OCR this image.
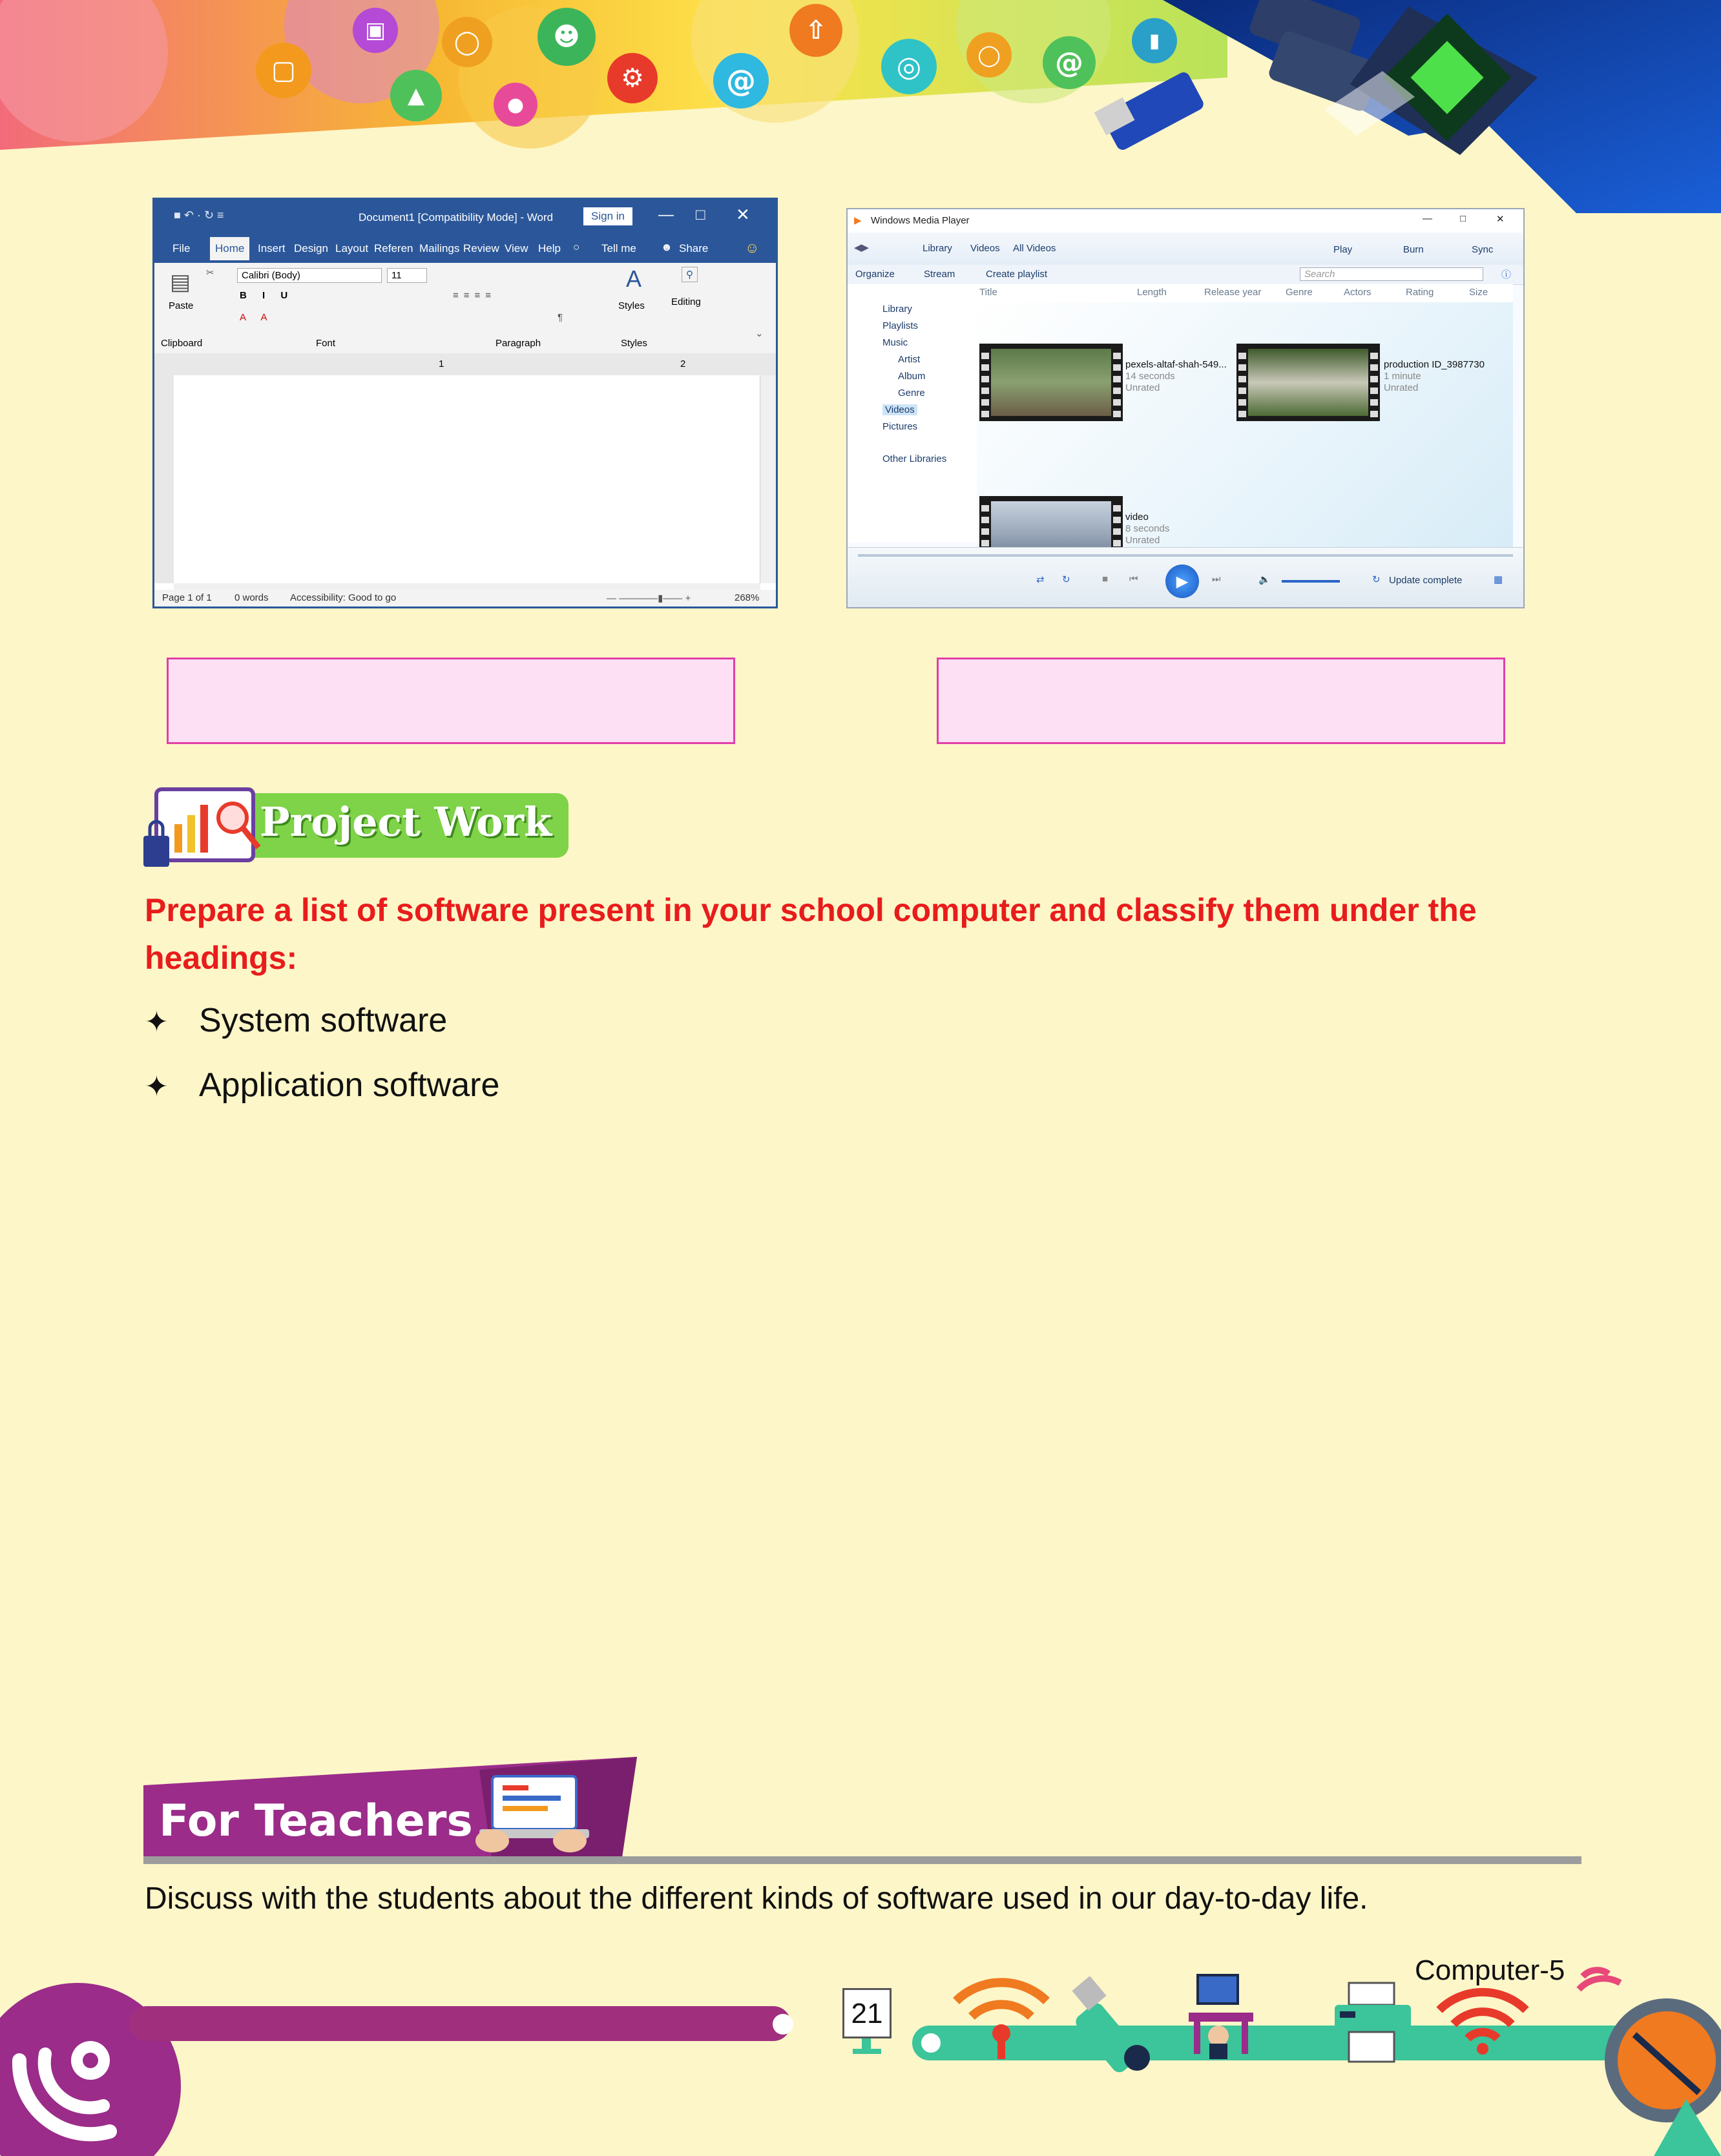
▢
▣
▲
◯	☻
●
⚙	@
⇧
◎	◯	@
▮
■ ↶ · ↻ ≡	Document1 [Compatibility Mode] - Word	Sign in	— □ ✕
File	Home	Insert Design Layout Referen Mailings Review View Help ○ Tell me ☻ Share	☺
▤
Paste
✂	Calibri (Body)	11
B I U
A A
≡≡≡≡
¶
A
Styles
⚲
Editing
Clipboard	Font	Paragraph	Styles
⌄
1	2
Page 1 of 1 0 words Accessibility: Good to go	— ————▮—— +	268%
▶ Windows Media Player	—	□	✕
◀▶	Library Videos All Videos	Play	Burn	Sync
Organize	Stream	Create playlist	Search	ⓘ
Title	Length	Release year	Genre	Actors	Rating	Size
Library
Playlists
Music
Artist
Album
Genre
Videos
Pictures
Other Libraries
pexels-altaf-shah-549...
14 seconds
Unrated
production ID_3987730
1 minute
Unrated
video
8 seconds
Unrated
⇄ ↻	■ ⏮	▶	⏭	🔈	↻ Update complete	▦
Project Work
Prepare a list of software present in your school computer and classify them under the headings:
✦ System software
✦ Application software
For Teachers
Discuss with the students about the different kinds of software used in our day-to-day life.
21
Computer-5
